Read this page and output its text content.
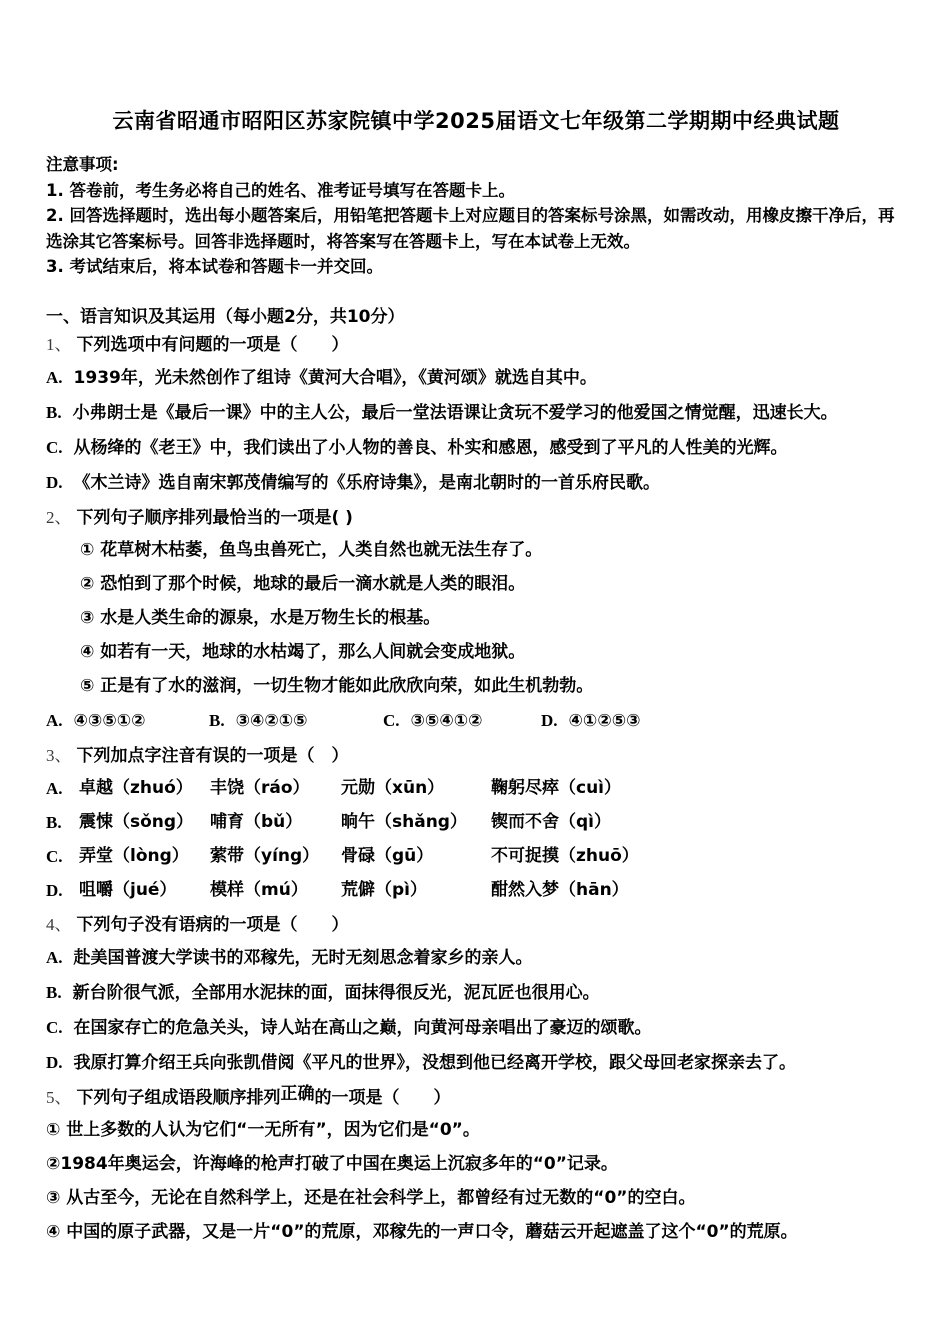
云南省昭通市昭阳区苏家院镇中学2025届语文七年级第二学期期中经典试题

注意事项:

1. 答卷前，考生务必将自己的姓名、准考证号填写在答题卡上。

2. 回答选择题时，选出每小题答案后，用铅笔把答题卡上对应题目的答案标号涂黑，如需改动，用橡皮擦干净后，再选涂其它答案标号。回答非选择题时，将答案写在答题卡上，写在本试卷上无效。

3. 考试结束后，将本试卷和答题卡一并交回。

一、语言知识及其运用（每小题2分，共10分）

1、 下列选项中有问题的一项是（　　）

A. 1939年，光未然创作了组诗《黄河大合唱》，《黄河颂》就选自其中。

B. 小弗朗士是《最后一课》中的主人公，最后一堂法语课让贪玩不爱学习的他爱国之情觉醒，迅速长大。

C. 从杨绛的《老王》中，我们读出了小人物的善良、朴实和感恩，感受到了平凡的人性美的光辉。

D. 《木兰诗》选自南宋郭茂倩编写的《乐府诗集》，是南北朝时的一首乐府民歌。

2、 下列句子顺序排列最恰当的一项是( )

① 花草树木枯萎，鱼鸟虫兽死亡，人类自然也就无法生存了。

② 恐怕到了那个时候，地球的最后一滴水就是人类的眼泪。

③ 水是人类生命的源泉，水是万物生长的根基。

④ 如若有一天，地球的水枯竭了，那么人间就会变成地狱。

⑤ 正是有了水的滋润，一切生物才能如此欣欣向荣，如此生机勃勃。

A. ④③⑤①②	B. ③④②①⑤	C. ③⑤④①②	D. ④①②⑤③

3、 下列加点字注音有误的一项是（　）

A. 卓越（zhuó）	丰饶（ráo）	元勋（xūn）	鞠躬尽瘁（cuì）

B.	震悚（sǒng） 哺育（bǔ）	晌午（shǎng）	锲而不舍（qì）

C. 弄堂（lòng）	萦带（yíng）	骨碌（gū）	不可捉摸（zhuō）

D. 咀嚼（jué）	模样（mú）	荒僻（pì）	酣然入梦（hān）

4、 下列句子没有语病的一项是（　　）

A. 赴美国普渡大学读书的邓稼先，无时无刻思念着家乡的亲人。

B. 新台阶很气派，全部用水泥抹的面，面抹得很反光，泥瓦匠也很用心。

C. 在国家存亡的危急关头，诗人站在高山之巅，向黄河母亲唱出了豪迈的颂歌。

D. 我原打算介绍王兵向张凯借阅《平凡的世界》，没想到他已经离开学校，跟父母回老家探亲去了。

5、 下列句子组成语段顺序排列正确的一项是（　　）

① 世上多数的人认为它们“一无所有”，因为它们是“0”。

②1984年奥运会，许海峰的枪声打破了中国在奥运上沉寂多年的“0”记录。

③ 从古至今，无论在自然科学上，还是在社会科学上，都曾经有过无数的“0”的空白。

④ 中国的原子武器，又是一片“0”的荒原，邓稼先的一声口令，蘑菇云开起遮盖了这个“0”的荒原。
